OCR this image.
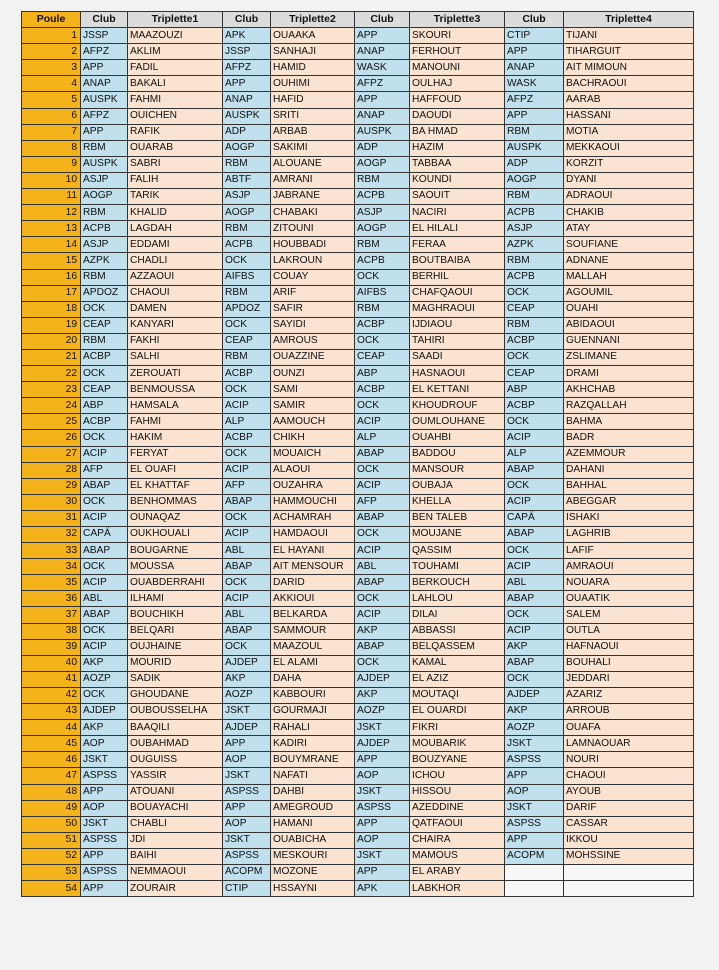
Poule	Club	Triplette1	Club	Triplette2	Club	Triplette3	Club	Triplette4
1	JSSP	MAAZOUZI	APK	OUAAKA	APP	SKOURI	CTIP	TIJANI
2	AFPZ	AKLIM	JSSP	SANHAJI	ANAP	FERHOUT	APP	TIHARGUIT
3	APP	FADIL	AFPZ	HAMID	WASK	MANOUNI	ANAP	AIT MIMOUN
4	ANAP	BAKALI	APP	OUHIMI	AFPZ	OULHAJ	WASK	BACHRAOUI
5	AUSPK	FAHMI	ANAP	HAFID	APP	HAFFOUD	AFPZ	AARAB
6	AFPZ	OUICHEN	AUSPK	SRITI	ANAP	DAOUDI	APP	HASSANI
7	APP	RAFIK	ADP	ARBAB	AUSPK	BA HMAD	RBM	MOTIA
8	RBM	OUARAB	AOGP	SAKIMI	ADP	HAZIM	AUSPK	MEKKAOUI
9	AUSPK	SABRI	RBM	ALOUANE	AOGP	TABBAA	ADP	KORZIT
10	ASJP	FALIH	ABTF	AMRANI	RBM	KOUNDI	AOGP	DYANI
11	AOGP	TARIK	ASJP	JABRANE	ACPB	SAOUIT	RBM	ADRAOUI
12	RBM	KHALID	AOGP	CHABAKI	ASJP	NACIRI	ACPB	CHAKIB
13	ACPB	LAGDAH	RBM	ZITOUNI	AOGP	EL HILALI	ASJP	ATAY
14	ASJP	EDDAMI	ACPB	HOUBBADI	RBM	FERAA	AZPK	SOUFIANE
15	AZPK	CHADLI	OCK	LAKROUN	ACPB	BOUTBAIBA	RBM	ADNANE
16	RBM	AZZAOUI	AIFBS	COUAY	OCK	BERHIL	ACPB	MALLAH
17	APDOZ	CHAOUI	RBM	ARIF	AIFBS	CHAFQAOUI	OCK	AGOUMIL
18	OCK	DAMEN	APDOZ	SAFIR	RBM	MAGHRAOUI	CEAP	OUAHI
19	CEAP	KANYARI	OCK	SAYIDI	ACBP	IJDIAOU	RBM	ABIDAOUI
20	RBM	FAKHI	CEAP	AMROUS	OCK	TAHIRI	ACBP	GUENNANI
21	ACBP	SALHI	RBM	OUAZZINE	CEAP	SAADI	OCK	ZSLIMANE
22	OCK	ZEROUATI	ACBP	OUNZI	ABP	HASNAOUI	CEAP	DRAMI
23	CEAP	BENMOUSSA	OCK	SAMI	ACBP	EL KETTANI	ABP	AKHCHAB
24	ABP	HAMSALA	ACIP	SAMIR	OCK	KHOUDROUF	ACBP	RAZQALLAH
25	ACBP	FAHMI	ALP	AAMOUCH	ACIP	OUMLOUHANE	OCK	BAHMA
26	OCK	HAKIM	ACBP	CHIKH	ALP	OUAHBI	ACIP	BADR
27	ACIP	FERYAT	OCK	MOUAICH	ABAP	BADDOU	ALP	AZEMMOUR
28	AFP	EL OUAFI	ACIP	ALAOUI	OCK	MANSOUR	ABAP	DAHANI
29	ABAP	EL KHATTAF	AFP	OUZAHRA	ACIP	OUBAJA	OCK	BAHHAL
30	OCK	BENHOMMAS	ABAP	HAMMOUCHI	AFP	KHELLA	ACIP	ABEGGAR
31	ACIP	OUNAQAZ	OCK	ACHAMRAH	ABAP	BEN TALEB	CAPÄ	ISHAKI
32	CAPÄ	OUKHOUALI	ACIP	HAMDAOUI	OCK	MOUJANE	ABAP	LAGHRIB
33	ABAP	BOUGARNE	ABL	EL HAYANI	ACIP	QASSIM	OCK	LAFIF
34	OCK	MOUSSA	ABAP	AIT MENSOUR	ABL	TOUHAMI	ACIP	AMRAOUI
35	ACIP	OUABDERRAHI	OCK	DARID	ABAP	BERKOUCH	ABL	NOUARA
36	ABL	ILHAMI	ACIP	AKKIOUI	OCK	LAHLOU	ABAP	OUAATIK
37	ABAP	BOUCHIKH	ABL	BELKARDA	ACIP	DILAI	OCK	SALEM
38	OCK	BELQARI	ABAP	SAMMOUR	AKP	ABBASSI	ACIP	OUTLA
39	ACIP	OUJHAINE	OCK	MAAZOUL	ABAP	BELQASSEM	AKP	HAFNAOUI
40	AKP	MOURID	AJDEP	EL ALAMI	OCK	KAMAL	ABAP	BOUHALI
41	AOZP	SADIK	AKP	DAHA	AJDEP	EL AZIZ	OCK	JEDDARI
42	OCK	GHOUDANE	AOZP	KABBOURI	AKP	MOUTAQI	AJDEP	AZARIZ
43	AJDEP	OUBOUSSELHA	JSKT	GOURMAJI	AOZP	EL OUARDI	AKP	ARROUB
44	AKP	BAAQILI	AJDEP	RAHALI	JSKT	FIKRI	AOZP	OUAFA
45	AOP	OUBAHMAD	APP	KADIRI	AJDEP	MOUBARIK	JSKT	LAMNAOUAR
46	JSKT	OUGUISS	AOP	BOUYMRANE	APP	BOUZYANE	ASPSS	NOURI
47	ASPSS	YASSIR	JSKT	NAFATI	AOP	ICHOU	APP	CHAOUI
48	APP	ATOUANI	ASPSS	DAHBI	JSKT	HISSOU	AOP	AYOUB
49	AOP	BOUAYACHI	APP	AMEGROUD	ASPSS	AZEDDINE	JSKT	DARIF
50	JSKT	CHABLI	AOP	HAMANI	APP	QATFAOUI	ASPSS	CASSAR
51	ASPSS	JDI	JSKT	OUABICHA	AOP	CHAIRA	APP	IKKOU
52	APP	BAIHI	ASPSS	MESKOURI	JSKT	MAMOUS	ACOPM	MOHSSINE
53	ASPSS	NEMMAOUI	ACOPM	MOZONE	APP	EL ARABY		
54	APP	ZOURAIR	CTIP	HSSAYNI	APK	LABKHOR		
